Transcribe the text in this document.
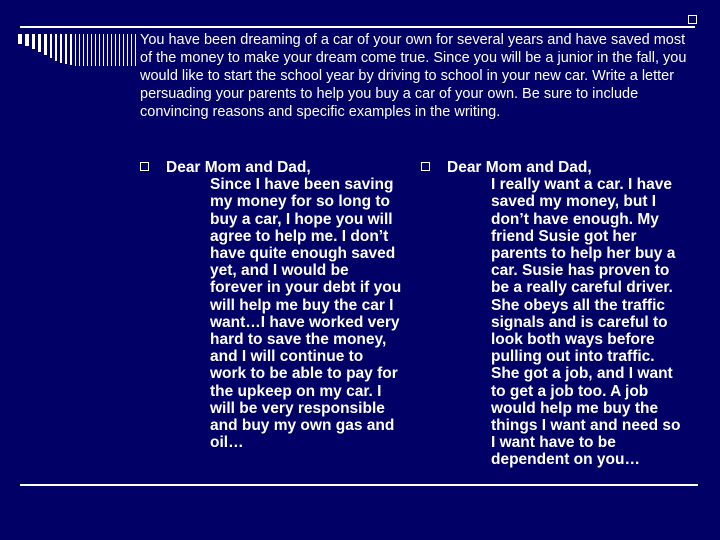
You have been dreaming of a car of your own for several years and have saved most of the money to make your dream come true. Since you will be a junior in the fall, you would like to start the school year by driving to school in your new car. Write a letter persuading your parents to help you buy a car of your own. Be sure to include convincing reasons and specific examples in the writing.

Dear Mom and Dad,

Since I have been saving my money for so long to buy a car, I hope you will agree to help me. I don’t have quite enough saved yet, and I would be forever in your debt if you will help me buy the car I want…I have worked very hard to save the money, and I will continue to work to be able to pay for the upkeep on my car. I will be very responsible and buy my own gas and oil…

Dear Mom and Dad,

I really want a car. I have saved my money, but I don’t have enough. My friend Susie got her parents to help her buy a car. Susie has proven to be a really careful driver. She obeys all the traffic signals and is careful to look both ways before pulling out into traffic. She got a job, and I want to get a job too. A job would help me buy the things I want and need so I want have to be dependent on you…
